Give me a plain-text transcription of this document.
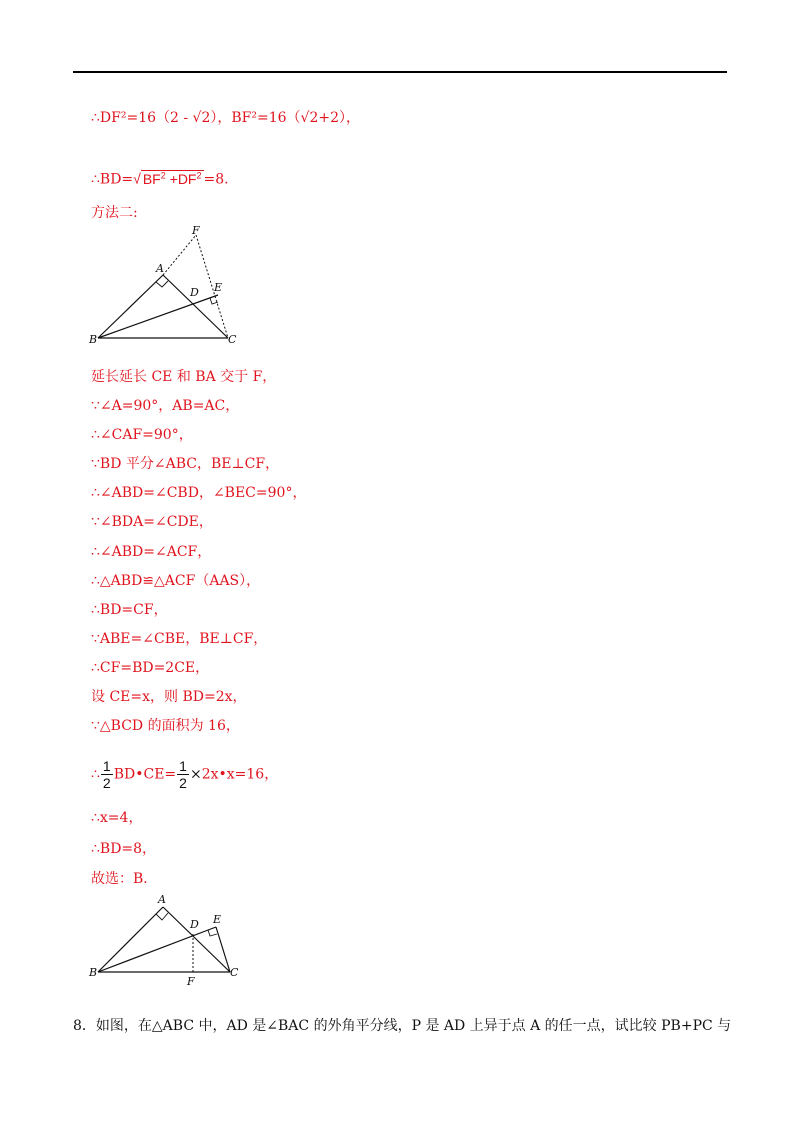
∴DF²=16（2 - √2），BF²=16（√2+2），
∴BD=√ $BF^2 +DF^2 =8$.
方法二:
F
A
D E
B	C
延长延长 CE 和 BA 交于 F，
∵∠A=90°，AB=AC，
∴∠CAF=90°，
∵BD 平分∠ABC，BE⊥CF，
∴∠ABD=∠CBD，∠BEC=90°，
∵∠BDA=∠CDE，
∴∠ABD=∠ACF，
∴△ABD≌△ACF（AAS），
∴BD=CF，
∵ABE=∠CBE，BE⊥CF，
∴CF=BD=2CE，
设 CE=x，则 BD=2x，
∵△BCD 的面积为 16，
∴ $\frac{1}{2}$ BD•CE= $\frac{1}{2}$ ×2x•x=16，
∴x=4，
∴BD=8，
故选：B．
A
D E
B
F
C
8．如图，在△ABC 中，AD 是∠BAC 的外角平分线，P 是 AD 上异于点 A 的任一点，试比较 PB+PC 与
